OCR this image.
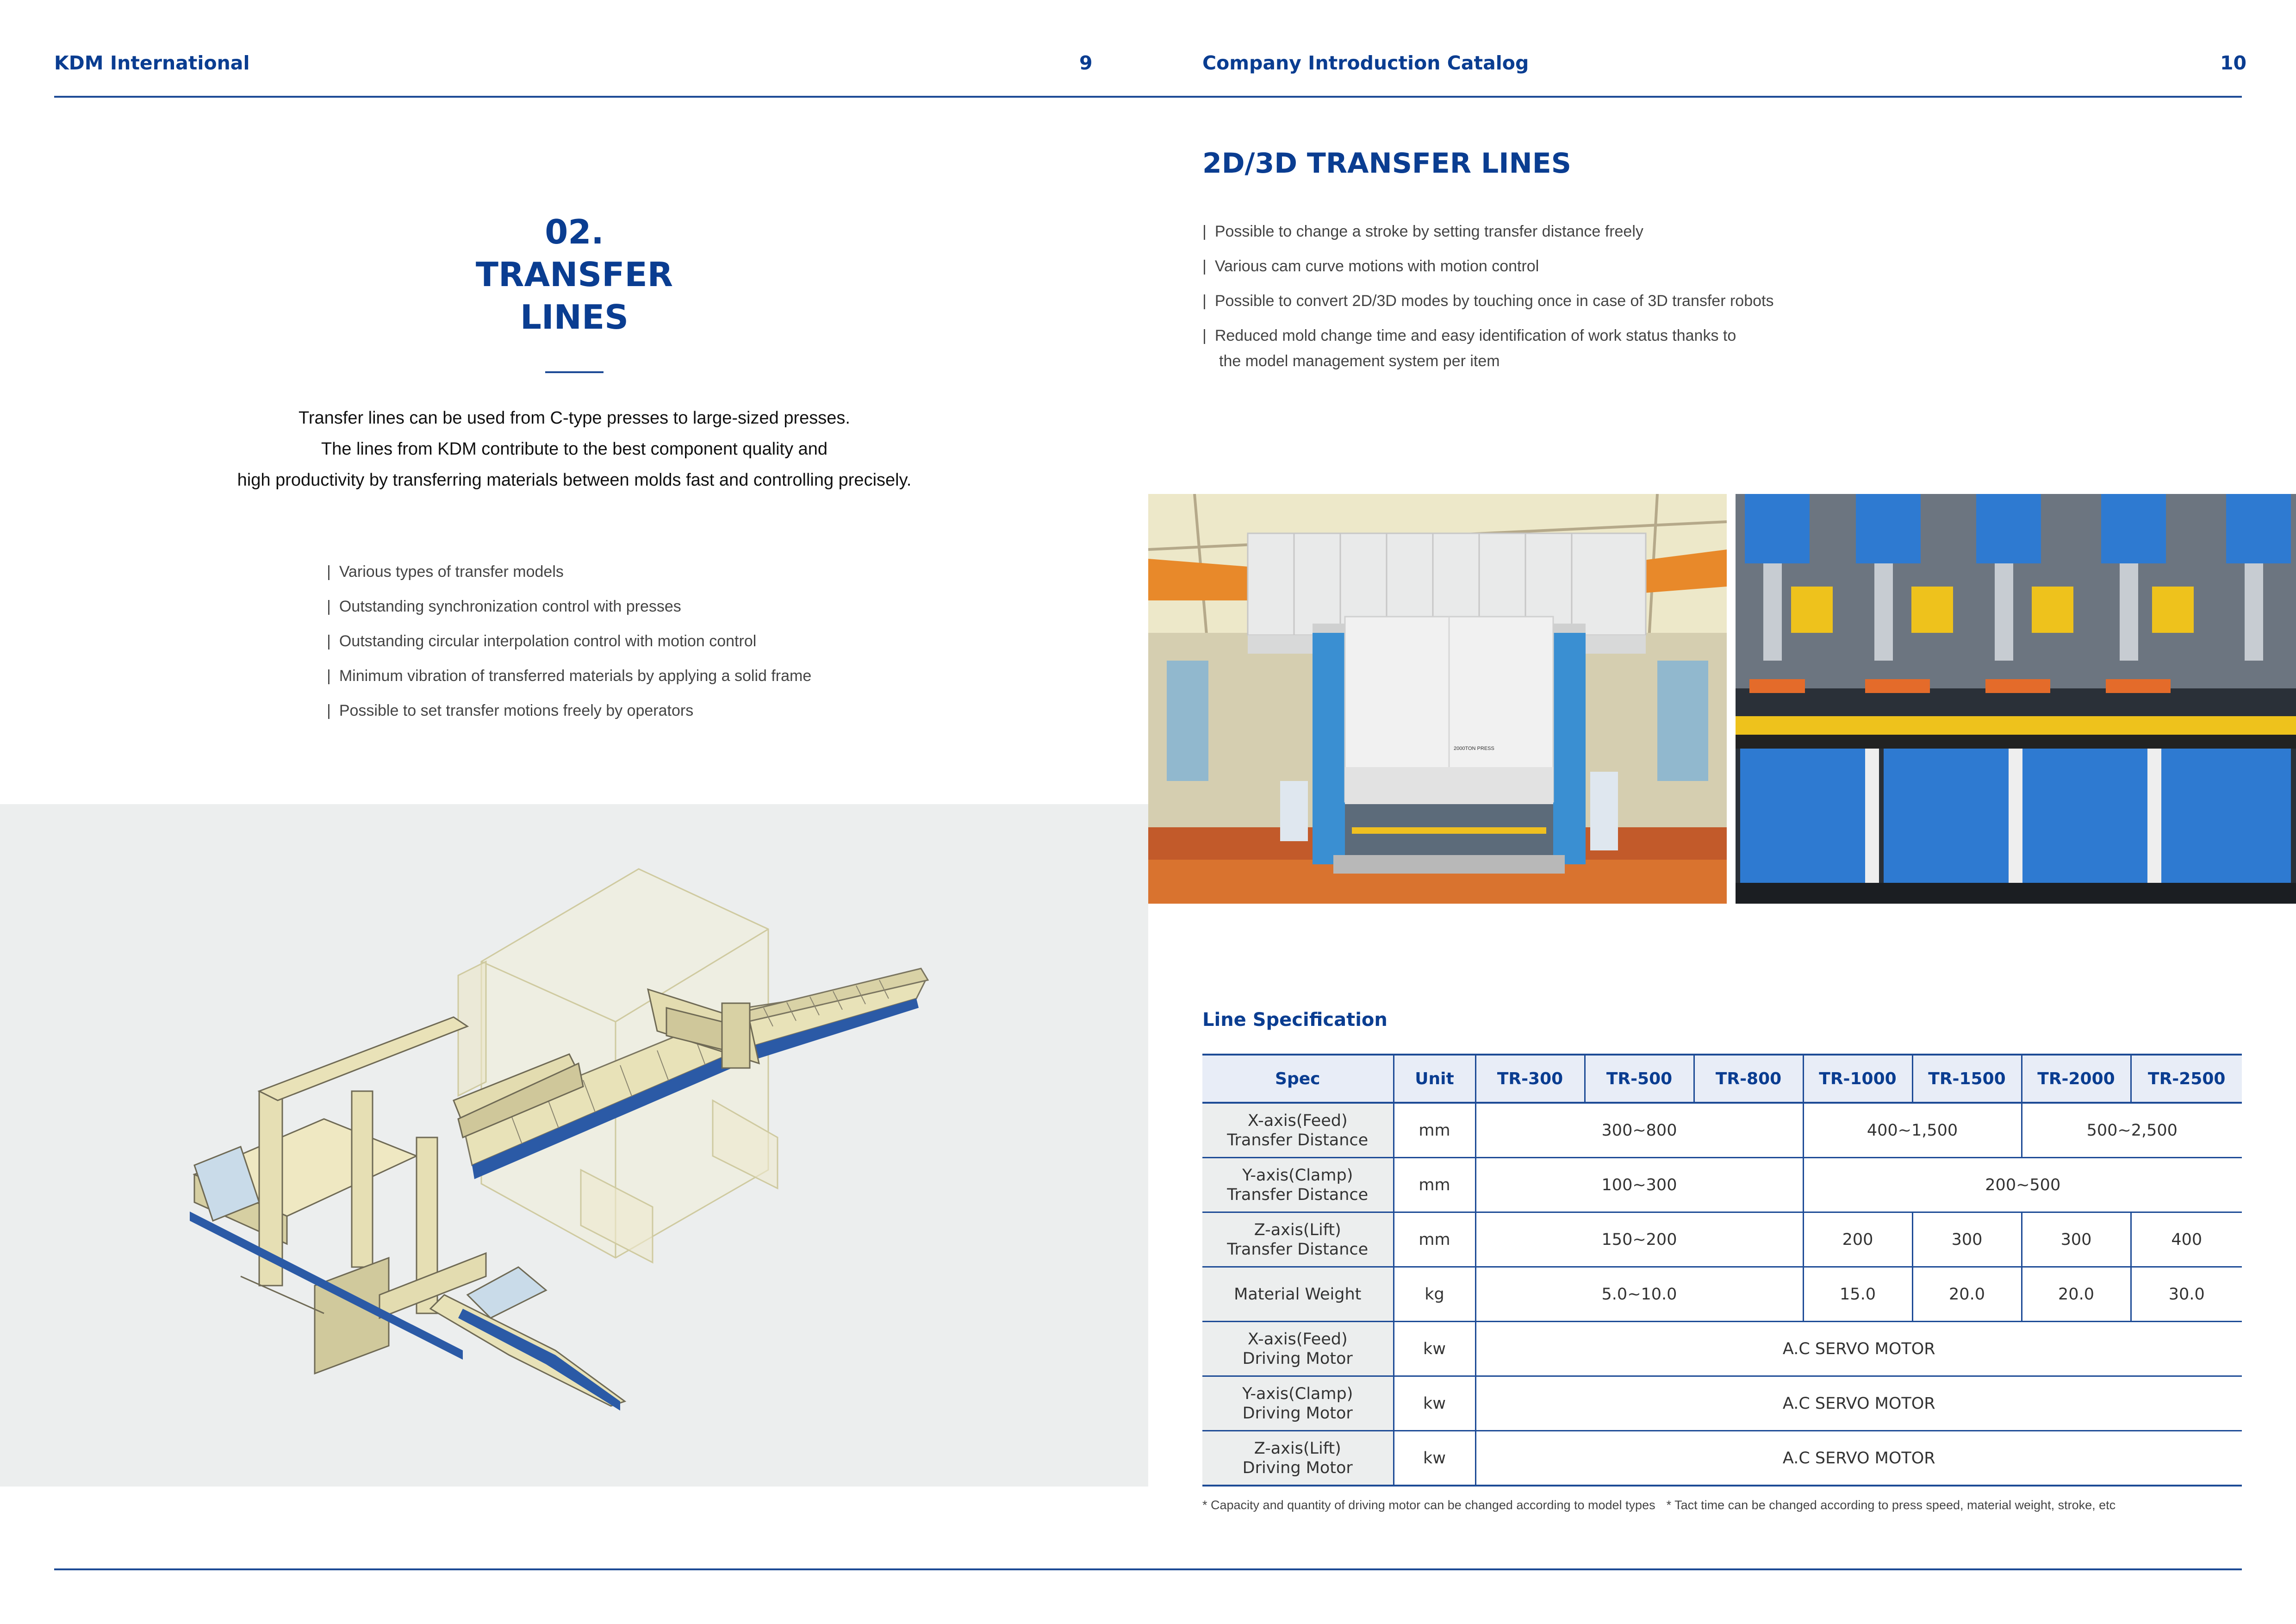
KDM International	9	Company Introduction Catalog	10
02.
TRANSFER
LINES
Transfer lines can be used from C-type presses to large-sized presses.
The lines from KDM contribute to the best component quality and
high productivity by transferring materials between molds fast and controlling precisely.
| Various types of transfer models
| Outstanding synchronization control with presses
| Outstanding circular interpolation control with motion control
| Minimum vibration of transferred materials by applying a solid frame
| Possible to set transfer motions freely by operators
2D/3D TRANSFER LINES
| Possible to change a stroke by setting transfer distance freely
| Various cam curve motions with motion control
| Possible to convert 2D/3D modes by touching once in case of 3D transfer robots
| Reduced mold change time and easy identification of work status thanks to
the model management system per item
2000TON PRESS
Line Specification
Spec	Unit	TR-300	TR-500	TR-800	TR-1000	TR-1500	TR-2000	TR-2500

X-axis(Feed)
Transfer Distance	mm	300~800			400~1,500		500~2,500	

Y-axis(Clamp)
Transfer Distance	mm	100~300			200~500			

Z-axis(Lift)
Transfer Distance	mm	150~200			200	300	300	400
Material Weight	kg	5.0~10.0			15.0	20.0	20.0	30.0

X-axis(Feed)
Driving Motor	kw	A.C SERVO MOTOR						

Y-axis(Clamp)
Driving Motor	kw	A.C SERVO MOTOR						

Z-axis(Lift)
Driving Motor	kw	A.C SERVO MOTOR						
* Capacity and quantity of driving motor can be changed according to model types * Tact time can be changed according to press speed, material weight, stroke, etc
